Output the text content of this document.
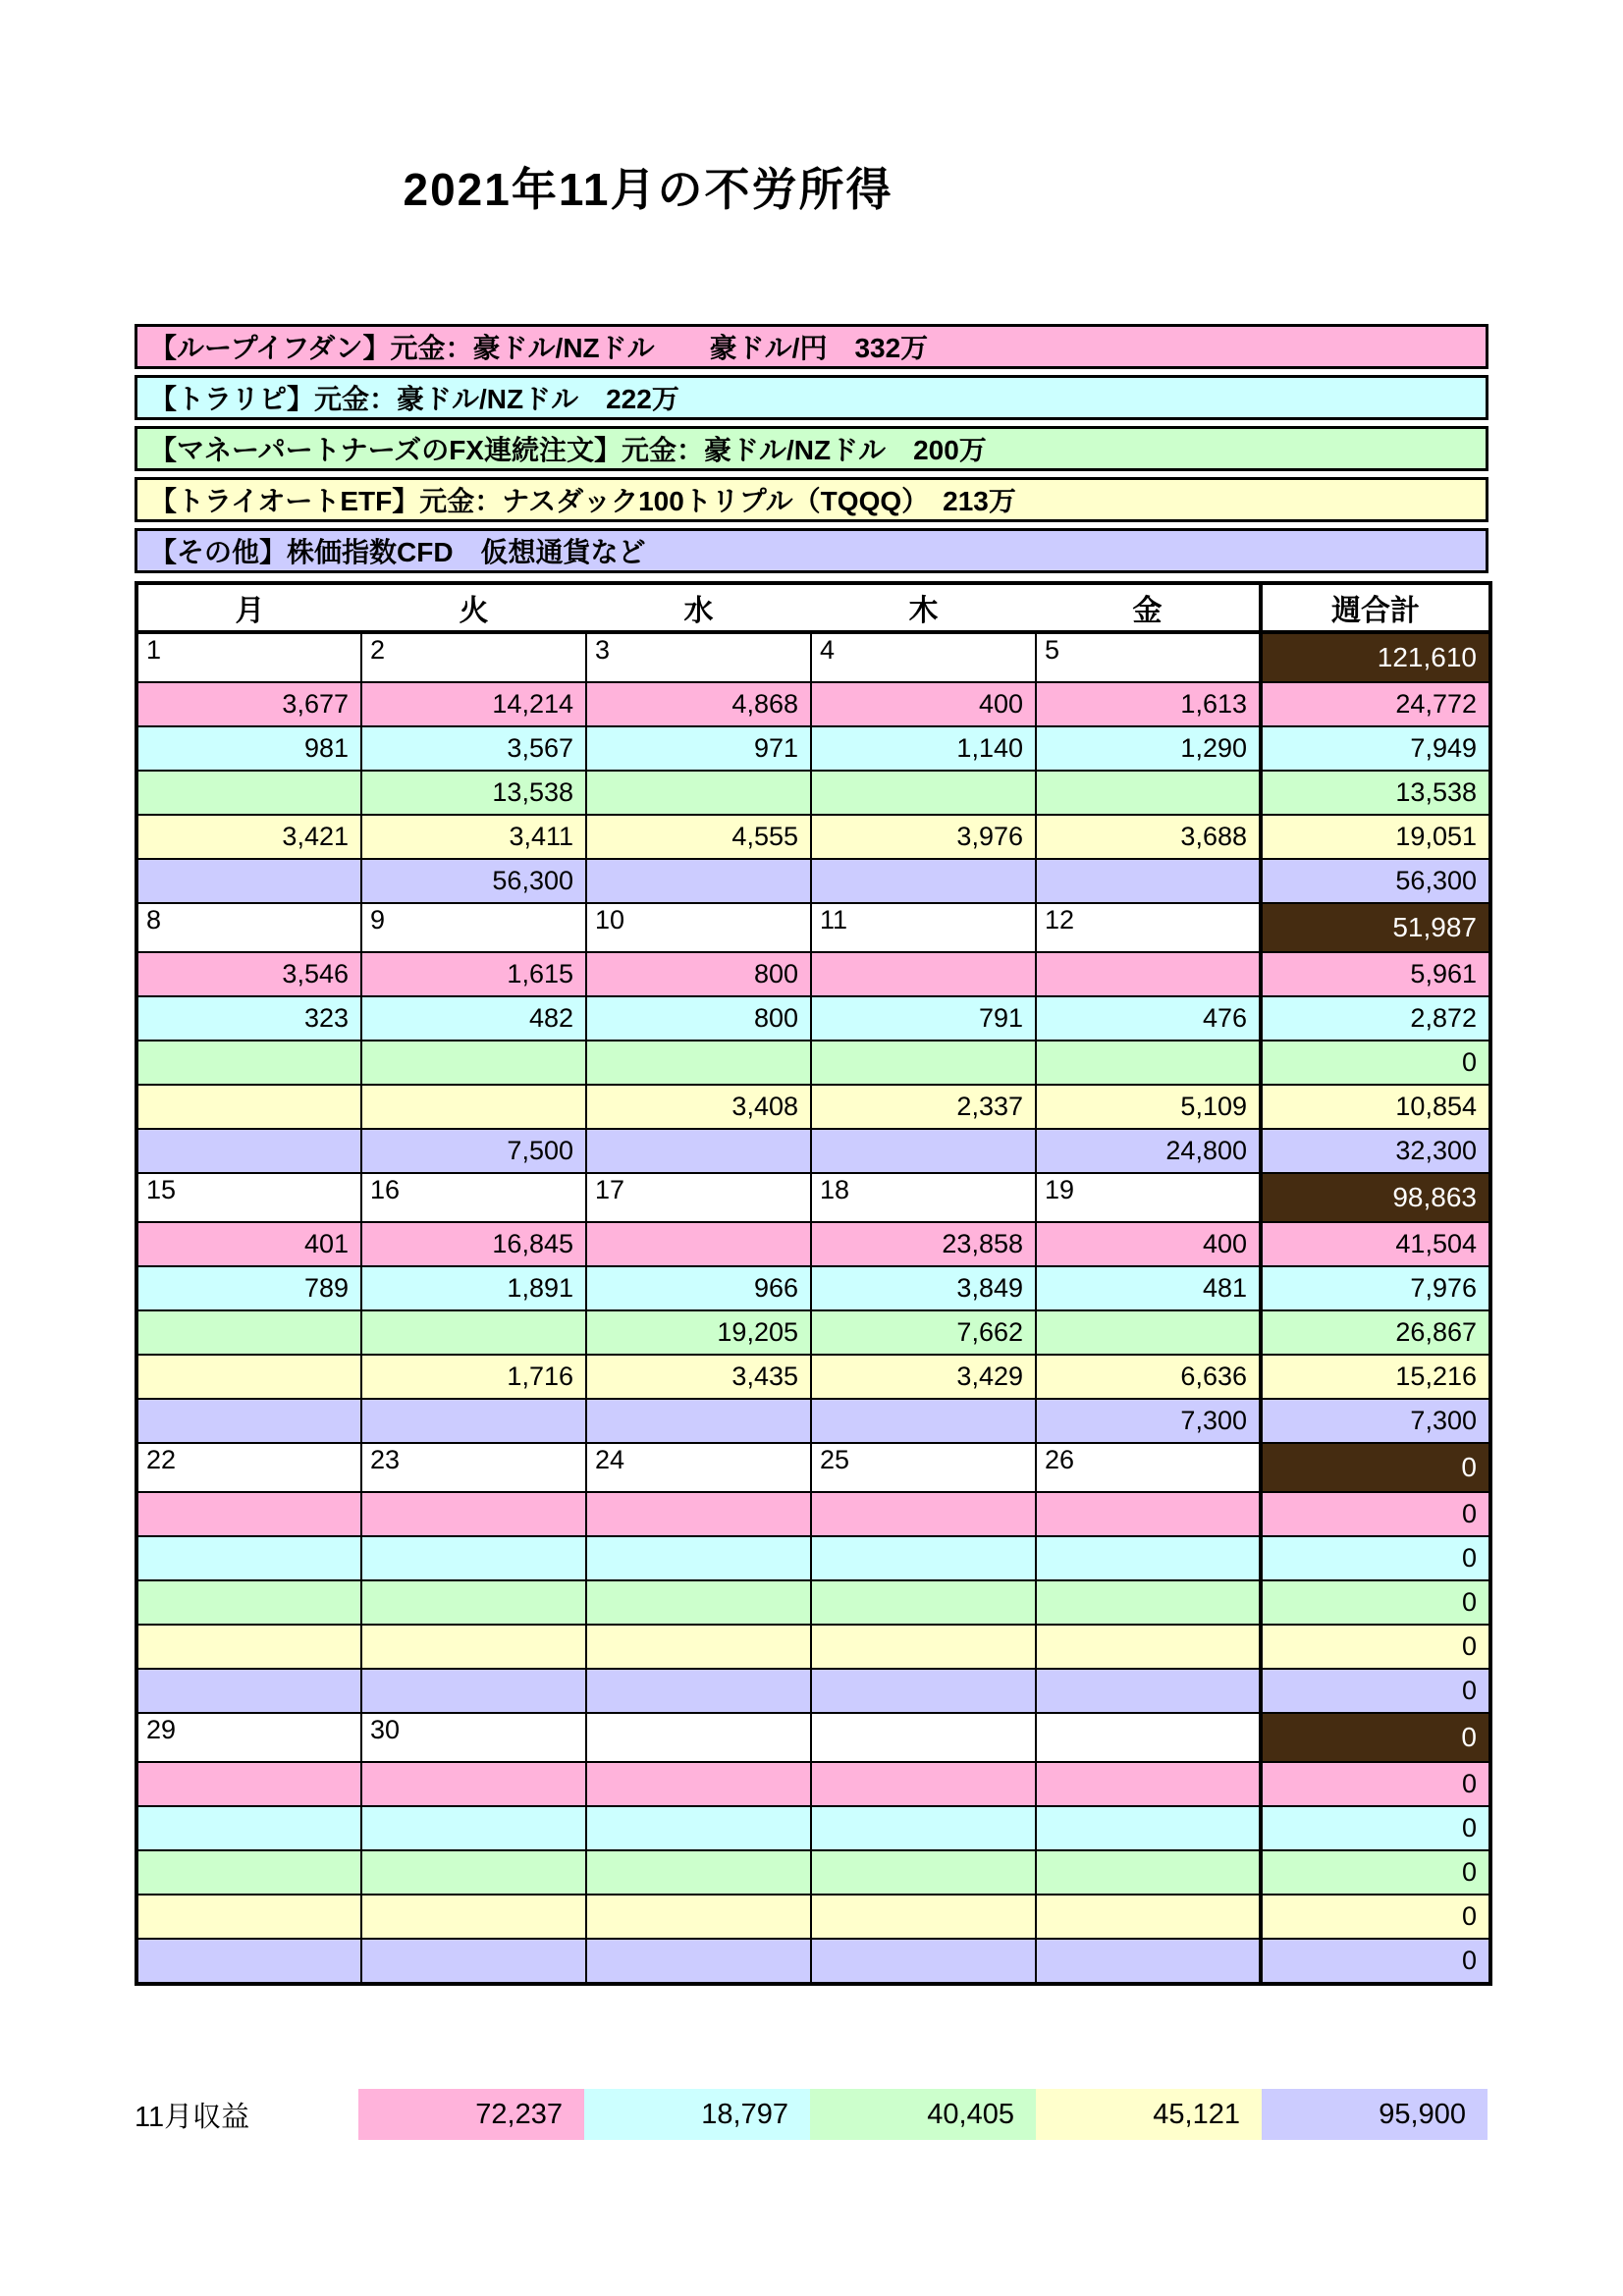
2021年11月の不労所得
【ループイフダン】元金：豪ドル/NZドル　　豪ドル/円　332万
【トラリピ】元金：豪ドル/NZドル　222万
【マネーパートナーズのFX連続注文】元金：豪ドル/NZドル　200万
【トライオートETF】元金：ナスダック100トリプル（TQQQ）　213万
【その他】株価指数CFD　仮想通貨など
月	火	水	木	金	週合計
1	2	3	4	5	121,610
3,677	14,214	4,868	400	1,613	24,772
981	3,567	971	1,140	1,290	7,949
	13,538				13,538
3,421	3,411	4,555	3,976	3,688	19,051
	56,300				56,300
8	9	10	11	12	51,987
3,546	1,615	800			5,961
323	482	800	791	476	2,872
					0
		3,408	2,337	5,109	10,854
	7,500			24,800	32,300
15	16	17	18	19	98,863
401	16,845		23,858	400	41,504
789	1,891	966	3,849	481	7,976
		19,205	7,662		26,867
	1,716	3,435	3,429	6,636	15,216
				7,300	7,300
22	23	24	25	26	0
					0
					0
					0
					0
					0
29	30				0
					0
					0
					0
					0
					0
11月収益	72,237	18,797	40,405	45,121	95,900
